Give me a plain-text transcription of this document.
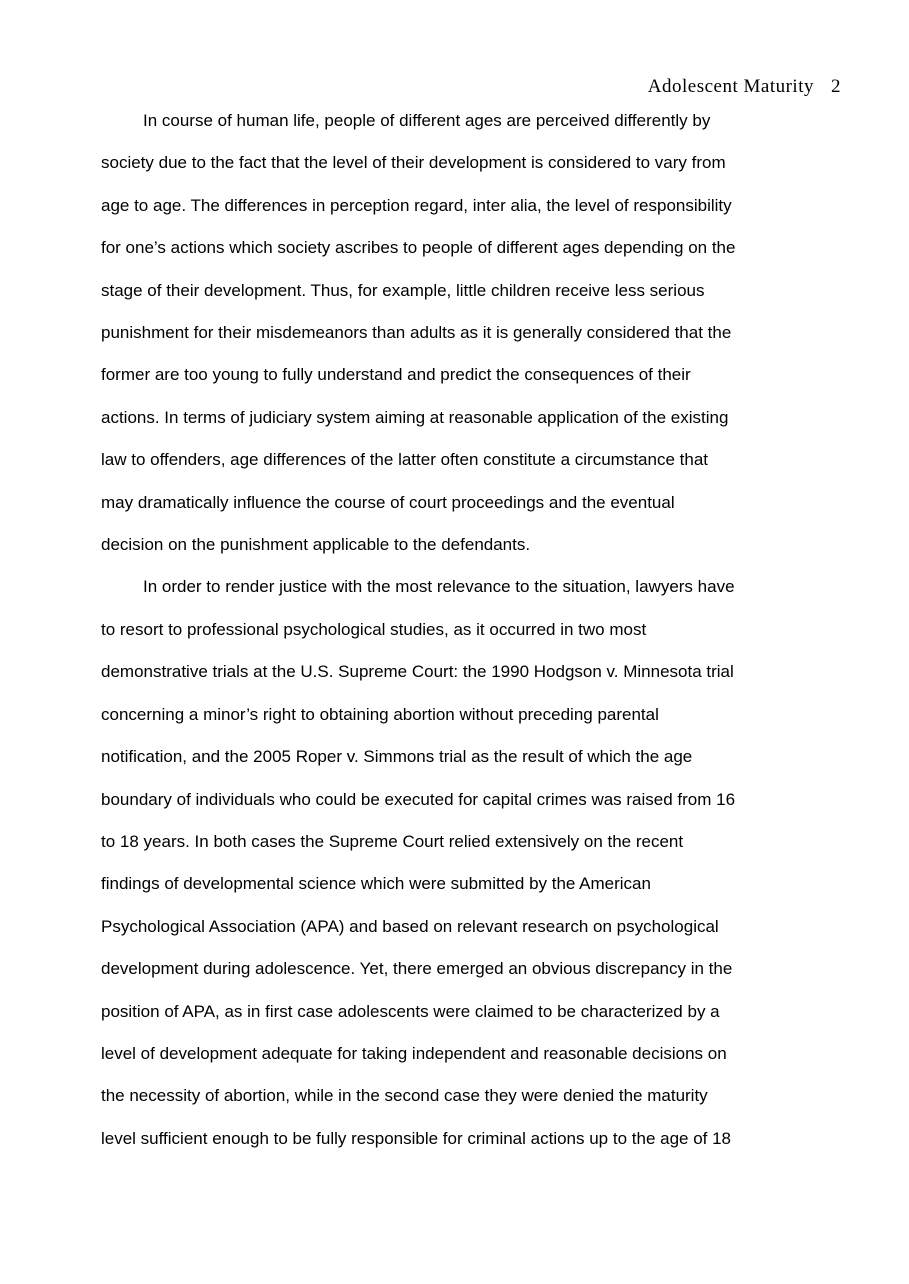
Adolescent Maturity 2

In course of human life, people of different ages are perceived differently by
society due to the fact that the level of their development is considered to vary from
age to age. The differences in perception regard, inter alia, the level of responsibility
for one’s actions which society ascribes to people of different ages depending on the
stage of their development. Thus, for example, little children receive less serious
punishment for their misdemeanors than adults as it is generally considered that the
former are too young to fully understand and predict the consequences of their
actions. In terms of judiciary system aiming at reasonable application of the existing
law to offenders, age differences of the latter often constitute a circumstance that
may dramatically influence the course of court proceedings and the eventual
decision on the punishment applicable to the defendants.

In order to render justice with the most relevance to the situation, lawyers have
to resort to professional psychological studies, as it occurred in two most
demonstrative trials at the U.S. Supreme Court: the 1990 Hodgson v. Minnesota trial
concerning a minor’s right to obtaining abortion without preceding parental
notification, and the 2005 Roper v. Simmons trial as the result of which the age
boundary of individuals who could be executed for capital crimes was raised from 16
to 18 years. In both cases the Supreme Court relied extensively on the recent
findings of developmental science which were submitted by the American
Psychological Association (APA) and based on relevant research on psychological
development during adolescence. Yet, there emerged an obvious discrepancy in the
position of APA, as in first case adolescents were claimed to be characterized by a
level of development adequate for taking independent and reasonable decisions on
the necessity of abortion, while in the second case they were denied the maturity
level sufficient enough to be fully responsible for criminal actions up to the age of 18
